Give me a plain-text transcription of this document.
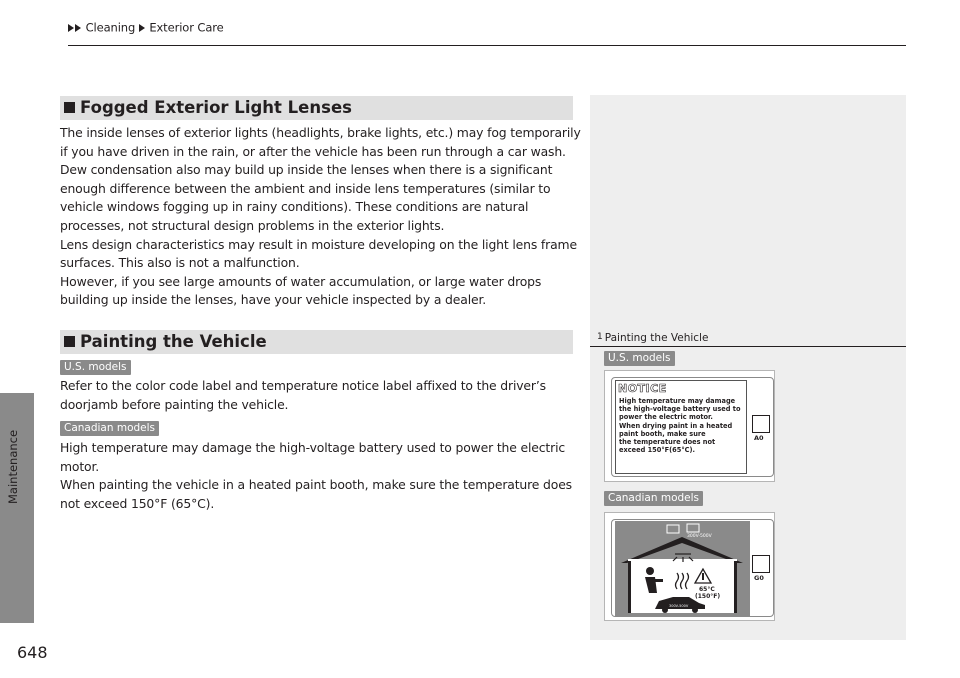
Cleaning Exterior Care
Maintenance
648
Fogged Exterior Light Lenses
The inside lenses of exterior lights (headlights, brake lights, etc.) may fog temporarily
if you have driven in the rain, or after the vehicle has been run through a car wash.
Dew condensation also may build up inside the lenses when there is a significant
enough difference between the ambient and inside lens temperatures (similar to
vehicle windows fogging up in rainy conditions). These conditions are natural
processes, not structural design problems in the exterior lights.
Lens design characteristics may result in moisture developing on the light lens frame
surfaces. This also is not a malfunction.
However, if you see large amounts of water accumulation, or large water drops
building up inside the lenses, have your vehicle inspected by a dealer.
Painting the Vehicle
U.S. models
Refer to the color code label and temperature notice label affixed to the driver’s
doorjamb before painting the vehicle.
Canadian models
High temperature may damage the high-voltage battery used to power the electric
motor.
When painting the vehicle in a heated paint booth, make sure the temperature does
not exceed 150°F (65°C).
1 Painting the Vehicle
U.S. models
NOTICE
High temperature may damage
the high-voltage battery used to
power the electric motor.
When drying paint in a heated
paint booth, make sure
the temperature does not
exceed 150°F(65°C).
A0
Canadian models
300V-500V
65°C
(150°F)
300V-500V
G0
